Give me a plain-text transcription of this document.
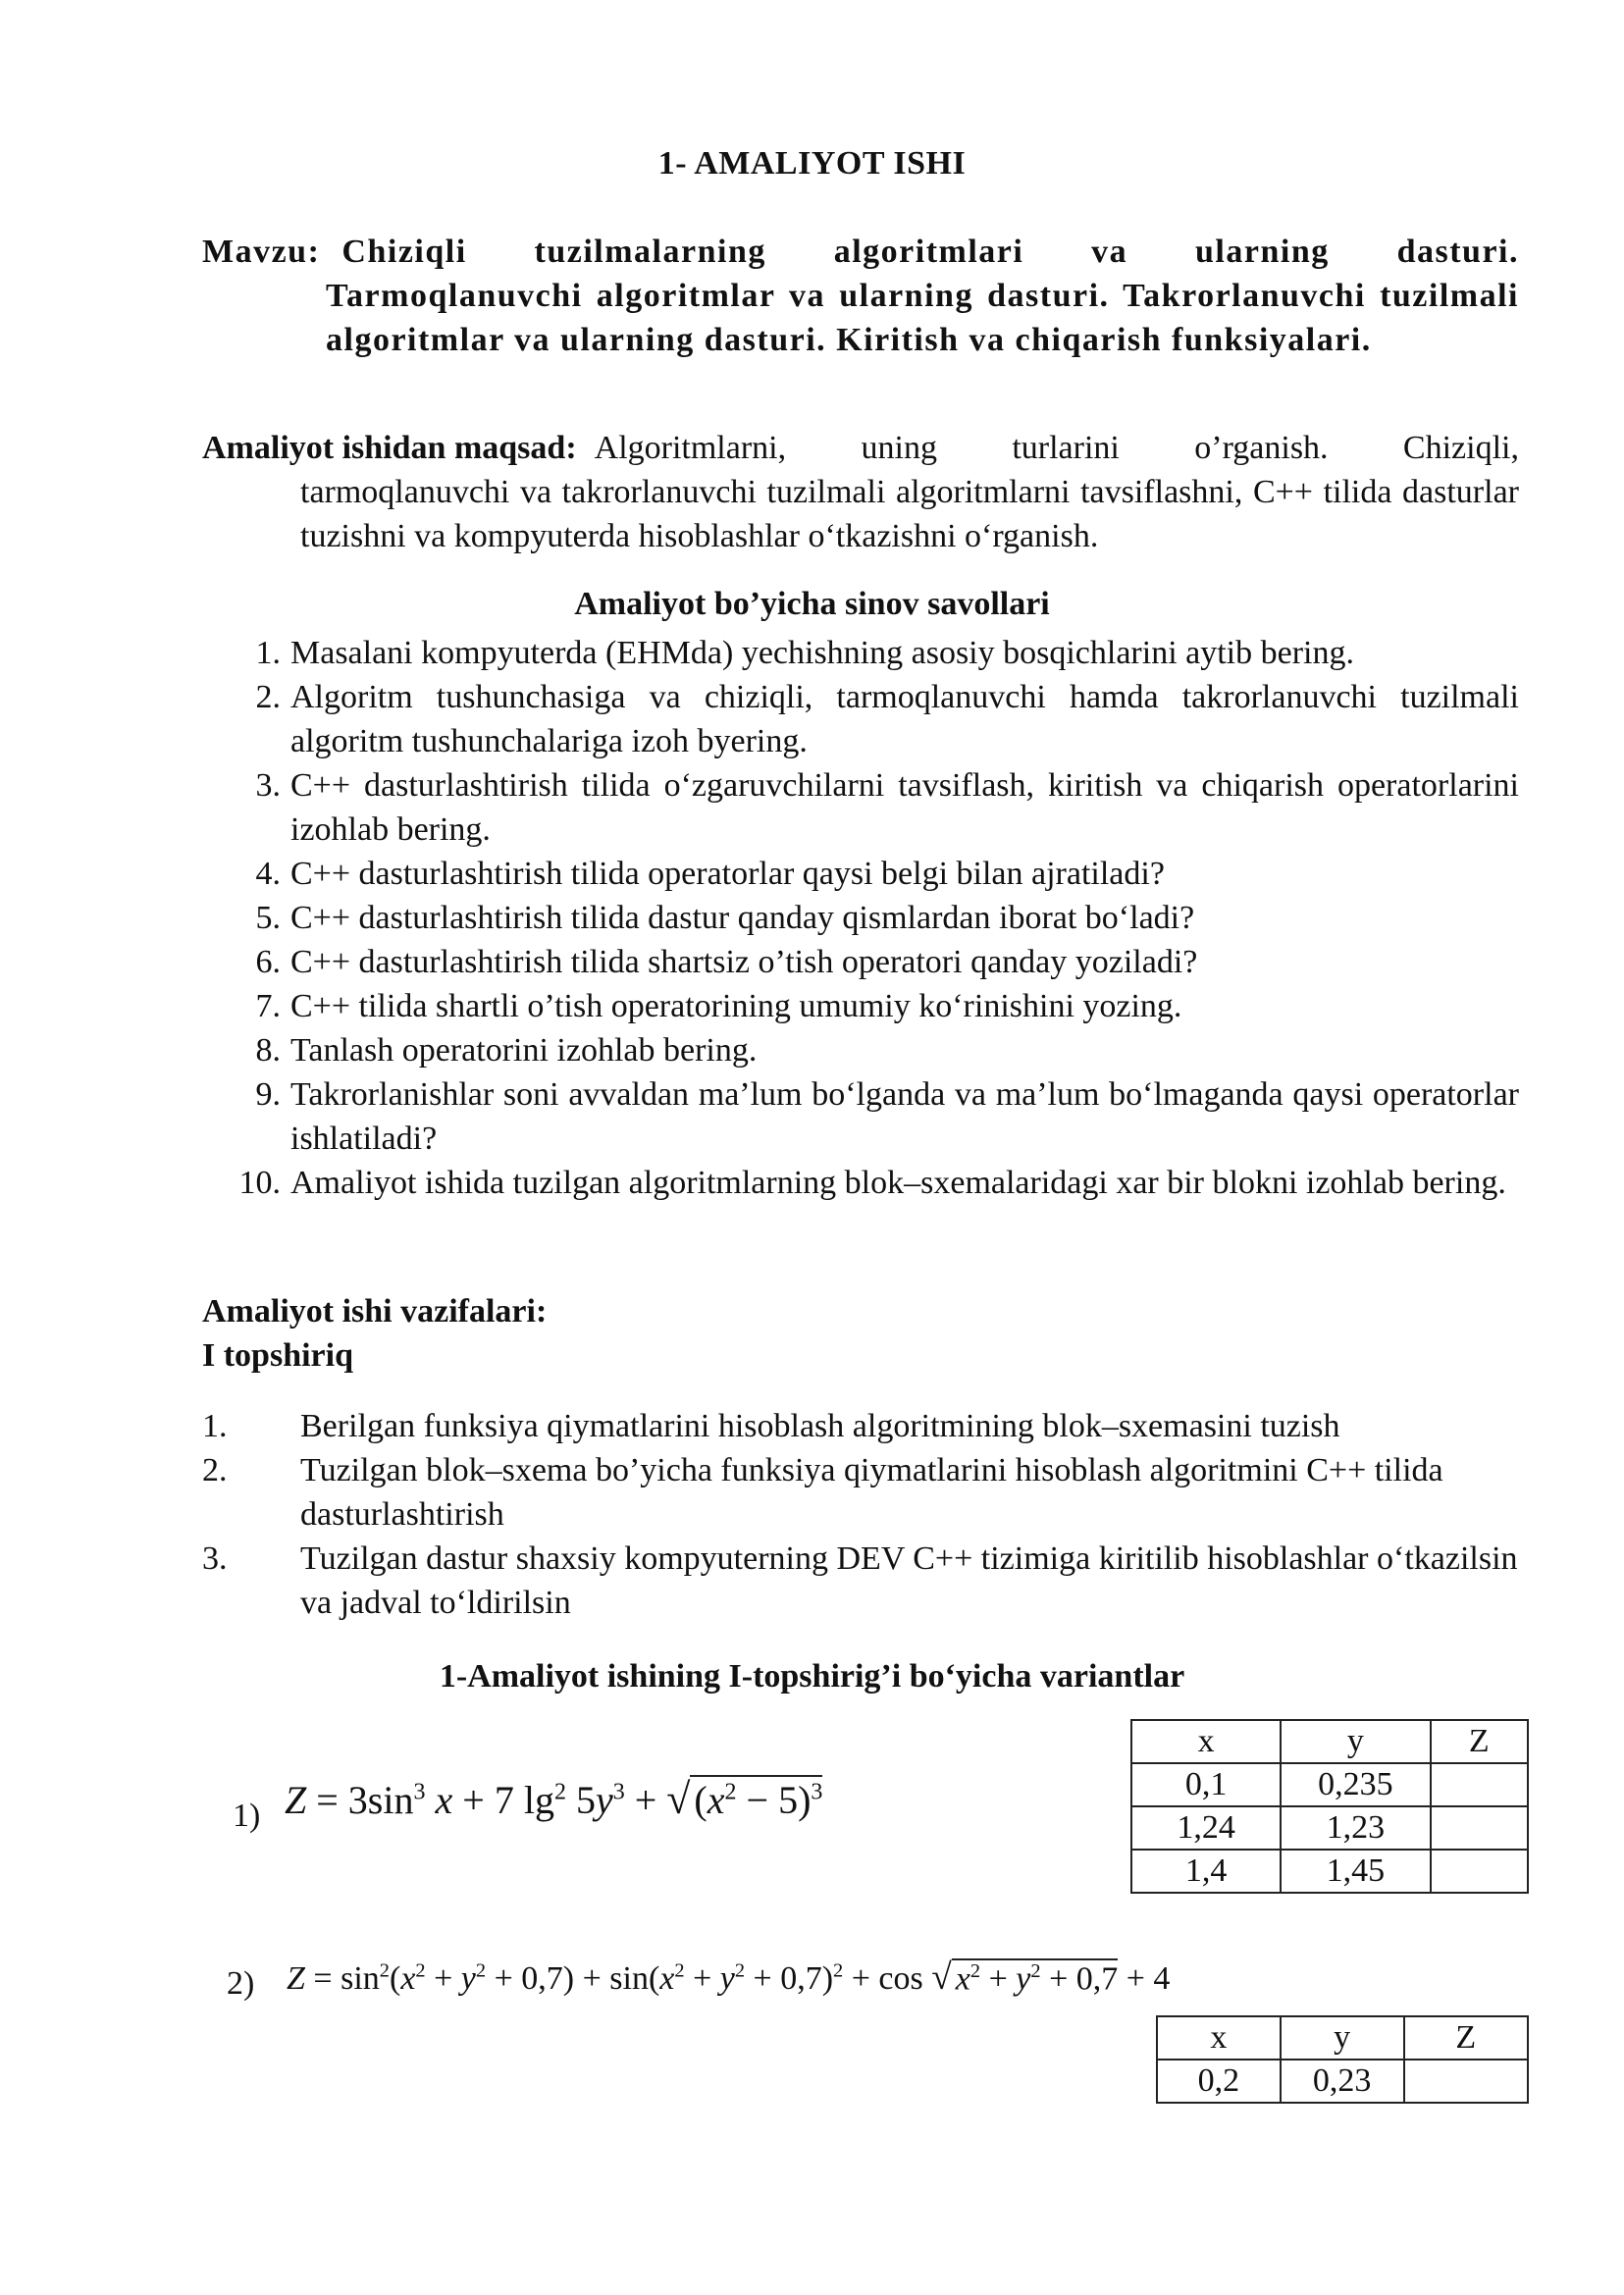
1- AMALIYOT ISHI
Mavzu: Chiziqli tuzilmalarning algoritmlari va ularning dasturi.
Tarmoqlanuvchi algoritmlar va ularning dasturi. Takrorlanuvchi tuzilmali algoritmlar va ularning dasturi. Kiritish va chiqarish funksiyalari.
Amaliyot ishidan maqsad: Algoritmlarni, uning turlarini o’rganish. Chiziqli,
tarmoqlanuvchi va takrorlanuvchi tuzilmali algoritmlarni tavsiflashni, C++ tilida dasturlar tuzishni va kompyuterda hisoblashlar o‘tkazishni o‘rganish.
Amaliyot bo’yicha sinov savollari
1. Masalani kompyuterda (EHMda) yechishning asosiy bosqichlarini aytib bering.
2. Algoritm tushunchasiga va chiziqli, tarmoqlanuvchi hamda takrorlanuvchi tuzilmali algoritm tushunchalariga izoh byering.
3. C++ dasturlashtirish tilida o‘zgaruvchilarni tavsiflash, kiritish va chiqarish operatorlarini izohlab bering.
4. C++ dasturlashtirish tilida operatorlar qaysi belgi bilan ajratiladi?
5. C++ dasturlashtirish tilida dastur qanday qismlardan iborat bo‘ladi?
6. C++ dasturlashtirish tilida shartsiz o’tish operatori qanday yoziladi?
7. C++ tilida shartli o’tish operatorining umumiy ko‘rinishini yozing.
8. Tanlash operatorini izohlab bering.
9. Takrorlanishlar soni avvaldan ma’lum bo‘lganda va ma’lum bo‘lmaganda qaysi operatorlar ishlatiladi?
10. Amaliyot ishida tuzilgan algoritmlarning blok–sxemalaridagi xar bir blokni izohlab bering.
Amaliyot ishi vazifalari:
I topshiriq
1.	Berilgan funksiya qiymatlarini hisoblash algoritmining blok–sxemasini tuzish
2.	Tuzilgan blok–sxema bo’yicha funksiya qiymatlarini hisoblash algoritmini C++ tilida dasturlashtirish
3.	Tuzilgan dastur shaxsiy kompyuterning DEV C++ tizimiga kiritilib hisoblashlar o‘tkazilsin va jadval to‘ldirilsin
1-Amaliyot ishining I-topshirig’i bo‘yicha variantlar
1) $Z = 3\sin^3$ x + 7 $\lg^2 5y^3$ + √ $(x^2 - 5)^3$
x	y	Z
0,1	0,235	
1,24	1,23	
1,4	1,45	
2) $Z = \sin^2(x^2 + y^2 + 0,7) + \sin(x^2 + y^2 + 0,7)^2 + \cos$ √ $x^2 + y^2 + 0,7 + 4$
x	y	Z
0,2	0,23	
